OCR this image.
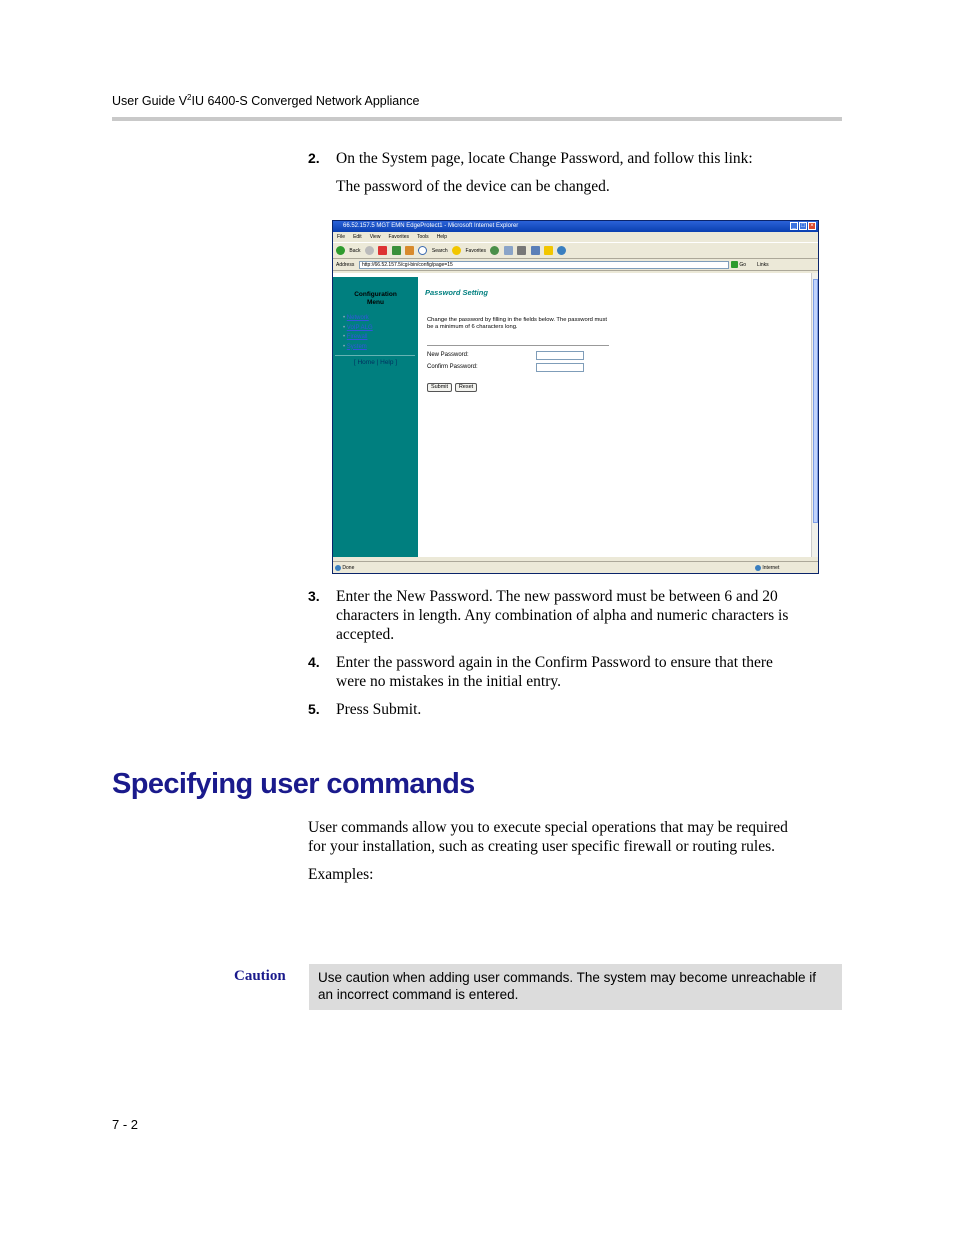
User Guide $V^2IU$ 6400-S Converged Network Appliance
2. On the System page, locate Change Password, and follow this link:
The password of the device can be changed.
66.52.157.5 MGT EMN EdgeProtect1 - Microsoft Internet Explorer	_ □ ×
File Edit View Favorites Tools Help
Back	Search	Favorites
Address	http://66.52.157.5/cgi-bin/config/page=15	Go Links
Configuration
Menu
• Network
• VoIP ALG
• Firewall
• System
[ Home | Help ]
Password Setting
Change the password by filling in the fields below. The password must be a minimum of 6 characters long.
New Password:
Confirm Password:
Submit	Reset
Done	Internet
3. Enter the New Password. The new password must be between 6 and 20
characters in length. Any combination of alpha and numeric characters is
accepted.
4. Enter the password again in the Confirm Password to ensure that there
were no mistakes in the initial entry.
5. Press Submit.
Specifying user commands
User commands allow you to execute special operations that may be required
for your installation, such as creating user specific firewall or routing rules.
Examples:
Caution Use caution when adding user commands. The system may become unreachable if
an incorrect command is entered.
7 - 2
